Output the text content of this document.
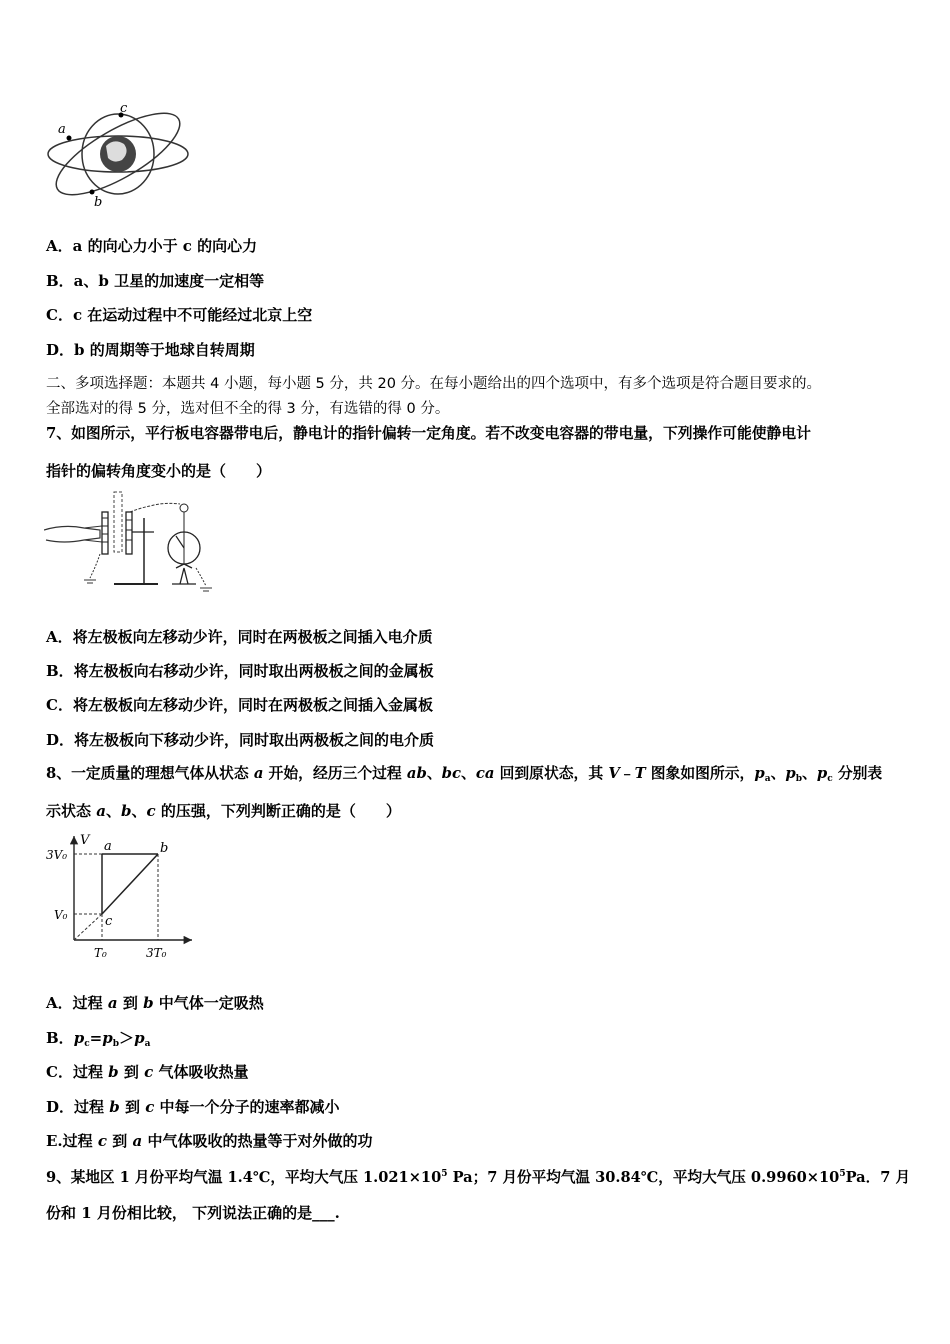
a
c
b
A．a 的向心力小于 c 的向心力
B．a、b 卫星的加速度一定相等
C．c 在运动过程中不可能经过北京上空
D．b 的周期等于地球自转周期
二、多项选择题：本题共 4 小题，每小题 5 分，共 20 分。在每小题给出的四个选项中，有多个选项是符合题目要求的。
全部选对的得 5 分，选对但不全的得 3 分，有选错的得 0 分。
7、如图所示，平行板电容器带电后，静电计的指针偏转一定角度。若不改变电容器的带电量，下列操作可能使静电计
指针的偏转角度变小的是（　　）
A．将左极板向左移动少许，同时在两极板之间插入电介质
B．将左极板向右移动少许，同时取出两极板之间的金属板
C．将左极板向左移动少许，同时在两极板之间插入金属板
D．将左极板向下移动少许，同时取出两极板之间的电介质
8、一定质量的理想气体从状态 a 开始，经历三个过程 ab、bc、ca 回到原状态，其 V﹣T 图象如图所示，$p_a$、$p_b$、$p_c$ 分别表
示状态 a、b、c 的压强，下列判断正确的是（　　）
V
3V₀
V₀
T₀	3T₀
a	b
c
A．过程 a 到 b 中气体一定吸热
B．$p_c=p_b>p_a$
C．过程 b 到 c 气体吸收热量
D．过程 b 到 c 中每一个分子的速率都减小
E.过程 c 到 a 中气体吸收的热量等于对外做的功
9、某地区 1 月份平均气温 1.4℃，平均大气压 $1.021\times 10^5$ Pa；7 月份平均气温 30.84℃，平均大气压 $0.9960\times 10^5Pa$．7 月
份和 1 月份相比较， 下列说法正确的是___.
